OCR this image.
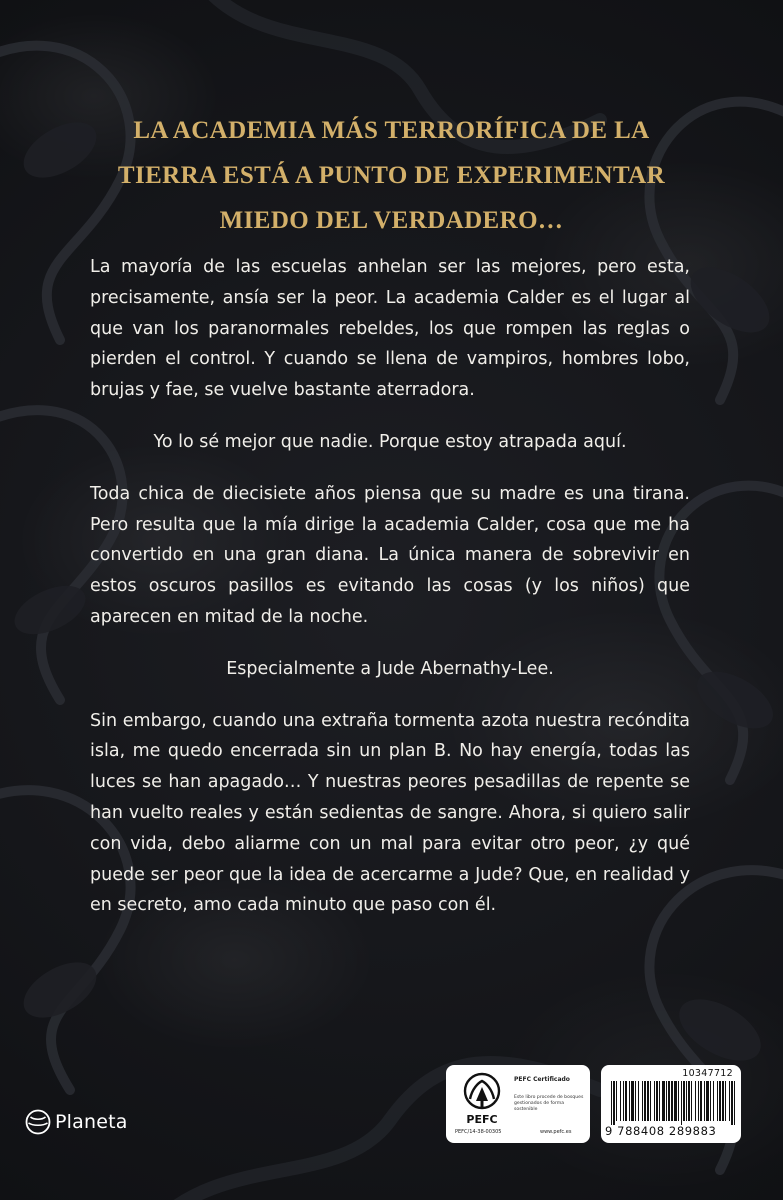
LA ACADEMIA MÁS TERRORÍFICA DE LA
TIERRA ESTÁ A PUNTO DE EXPERIMENTAR
MIEDO DEL VERDADERO…

La mayoría de las escuelas anhelan ser las mejores, pero esta, precisamente, ansía ser la peor. La academia Calder es el lugar al que van los paranormales rebeldes, los que rompen las reglas o pierden el control. Y cuando se llena de vampiros, hombres lobo, brujas y fae, se vuelve bastante aterradora.

Yo lo sé mejor que nadie. Porque estoy atrapada aquí.

Toda chica de diecisiete años piensa que su madre es una tirana. Pero resulta que la mía dirige la academia Calder, cosa que me ha convertido en una gran diana. La única manera de sobrevivir en estos oscuros pasillos es evitando las cosas (y los niños) que aparecen en mitad de la noche.

Especialmente a Jude Abernathy-Lee.

Sin embargo, cuando una extraña tormenta azota nuestra recóndita isla, me quedo encerrada sin un plan B. No hay energía, todas las luces se han apagado… Y nuestras peores pesadillas de repente se han vuelto reales y están sedientas de sangre. Ahora, si quiero salir con vida, debo aliarme con un mal para evitar otro peor, ¿y qué puede ser peor que la idea de acercarme a Jude? Que, en realidad y en secreto, amo cada minuto que paso con él.

Planeta	PEFC
PEFC Certificado
Este libro procede de bosques gestionados de forma sostenible
PEFC/14-38-00305	www.pefc.es
10347712
9 788408 289883
